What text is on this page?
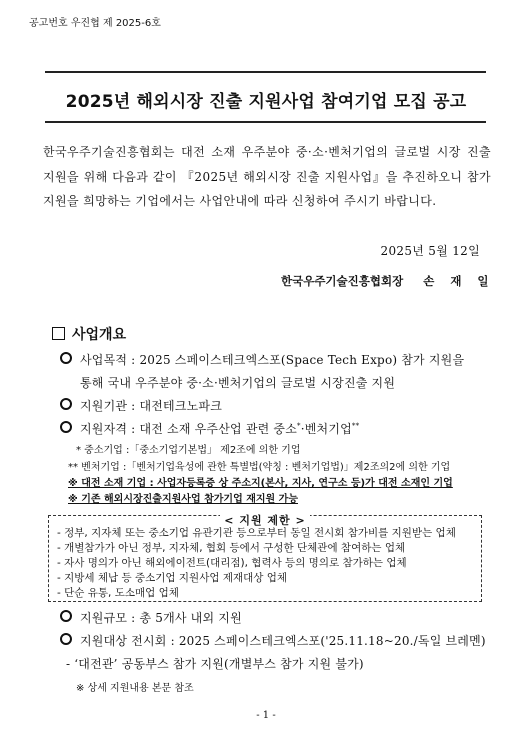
공고번호 우진협 제 2025-6호
2025년 해외시장 진출 지원사업 참여기업 모집 공고
한국우주기술진흥협회는 대전 소재 우주분야 중·소·벤처기업의 글로벌 시장 진출 지원을 위해 다음과 같이 『2025년 해외시장 진출 지원사업』을 추진하오니 참가 지원을 희망하는 기업에서는 사업안내에 따라 신청하여 주시기 바랍니다.
2025년 5월 12일
한국우주기술진흥협회장 손 재 일
사업개요
사업목적 : 2025 스페이스테크엑스포(Space Tech Expo) 참가 지원을
통해 국내 우주분야 중·소·벤처기업의 글로벌 시장진출 지원
지원기관 : 대전테크노파크
지원자격 : 대전 소재 우주산업 관련 중소*·벤처기업**
* 중소기업 :「중소기업기본법」 제2조에 의한 기업
** 벤처기업 :「벤처기업육성에 관한 특별법(약칭 : 벤처기업법)」제2조의2에 의한 기업
※ 대전 소재 기업 : 사업자등록증 상 주소지(본사, 지사, 연구소 등)가 대전 소재인 기업
※ 기존 해외시장진출지원사업 참가기업 재지원 가능
< 지원 제한 >
- 정부, 지자체 또는 중소기업 유관기관 등으로부터 동일 전시회 참가비를 지원받는 업체
- 개별참가가 아닌 정부, 지자체, 협회 등에서 구성한 단체관에 참여하는 업체
- 자사 명의가 아닌 해외에이전트(대리점), 협력사 등의 명의로 참가하는 업체
- 지방세 체납 등 중소기업 지원사업 제재대상 업체
- 단순 유통, 도소매업 업체
지원규모 : 총 5개사 내외 지원
지원대상 전시회 : 2025 스페이스테크엑스포('25.11.18~20./독일 브레멘)
- ‘대전관’ 공동부스 참가 지원(개별부스 참가 지원 불가)
※ 상세 지원내용 본문 참조
- 1 -
